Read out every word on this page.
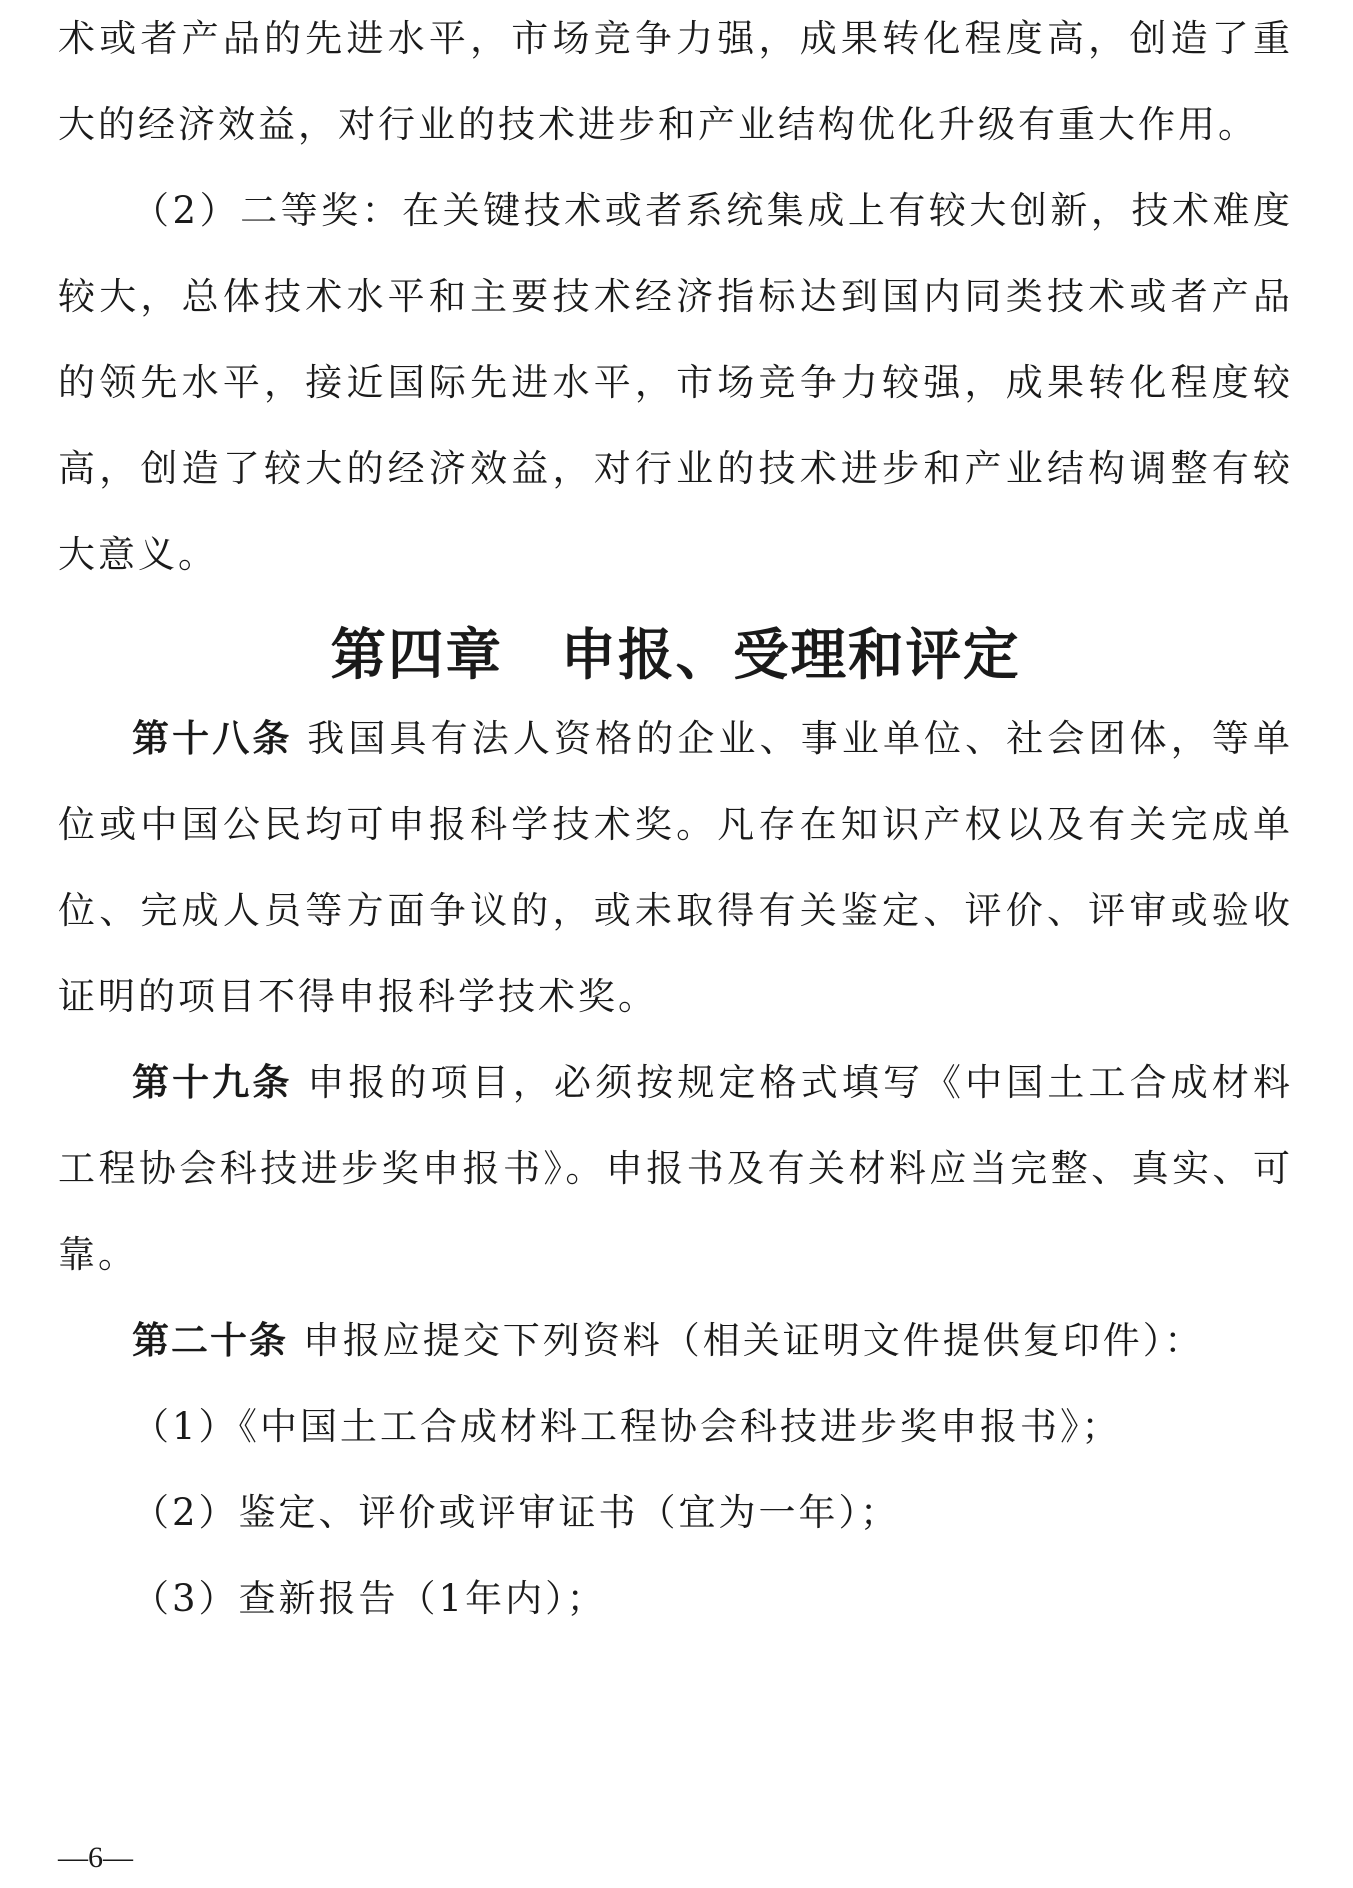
术或者产品的先进水平，市场竞争力强，成果转化程度高，创造了重大的经济效益，对行业的技术进步和产业结构优化升级有重大作用。

（2）二等奖：在关键技术或者系统集成上有较大创新，技术难度较大，总体技术水平和主要技术经济指标达到国内同类技术或者产品的领先水平，接近国际先进水平，市场竞争力较强，成果转化程度较高，创造了较大的经济效益，对行业的技术进步和产业结构调整有较大意义。

第四章　申报、受理和评定

第十八条 我国具有法人资格的企业、事业单位、社会团体，等单位或中国公民均可申报科学技术奖。凡存在知识产权以及有关完成单位、完成人员等方面争议的，或未取得有关鉴定、评价、评审或验收证明的项目不得申报科学技术奖。

第十九条 申报的项目，必须按规定格式填写《中国土工合成材料工程协会科技进步奖申报书》。申报书及有关材料应当完整、真实、可靠。

第二十条 申报应提交下列资料（相关证明文件提供复印件）：

（1）《中国土工合成材料工程协会科技进步奖申报书》；

（2）鉴定、评价或评审证书（宜为一年）；

（3）查新报告（1年内）；

—6—
